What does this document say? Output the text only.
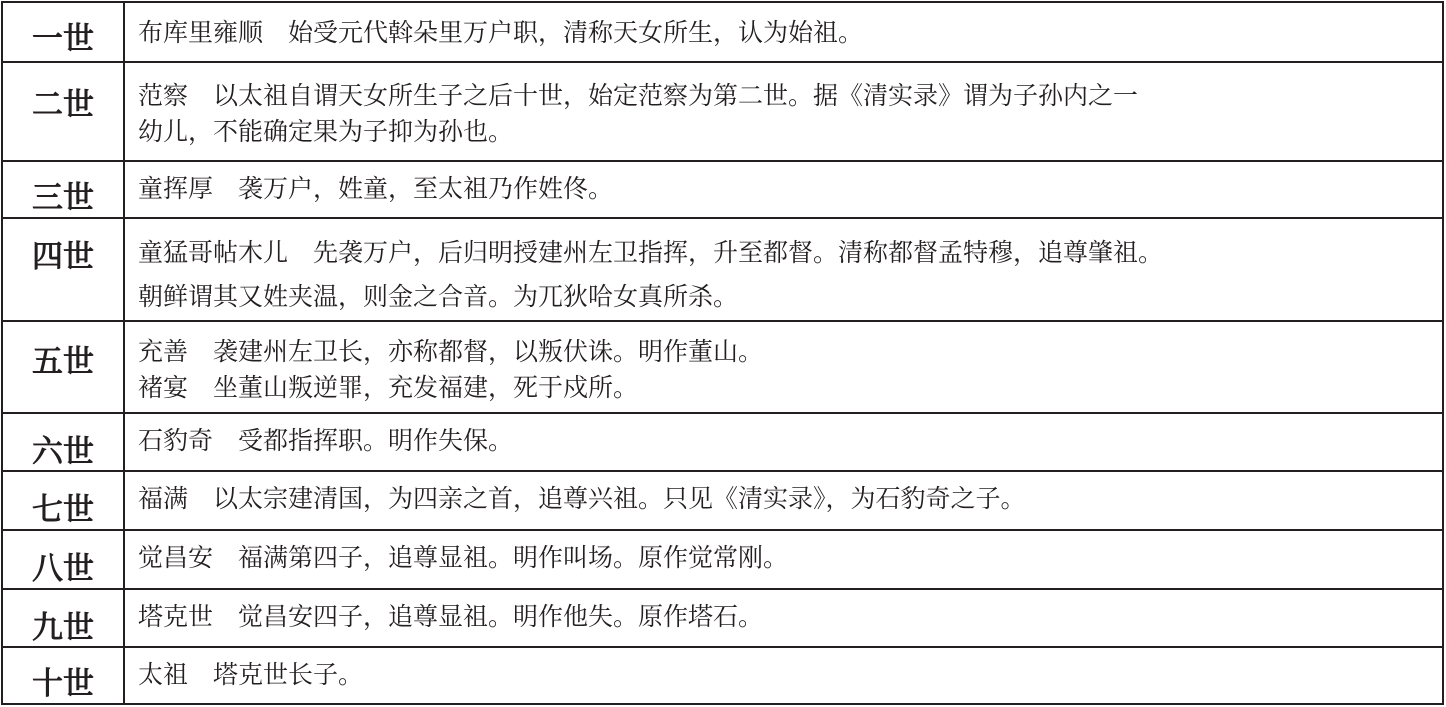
一世	布库里雍顺　始受元代斡朵里万户职，清称天女所生，认为始祖。
二世	范察　以太祖自谓天女所生子之后十世，始定范察为第二世。据《清实录》谓为子孙内之一
幼儿，不能确定果为子抑为孙也。
三世	童挥厚　袭万户，姓童，至太祖乃作姓佟。
四世	童猛哥帖木儿　先袭万户，后归明授建州左卫指挥，升至都督。清称都督孟特穆，追尊肇祖。
朝鲜谓其又姓夹温，则金之合音。为兀狄哈女真所杀。
五世	充善　袭建州左卫长，亦称都督，以叛伏诛。明作董山。
褚宴　坐董山叛逆罪，充发福建，死于戍所。
六世	石豹奇　受都指挥职。明作失保。
七世	福满　以太宗建清国，为四亲之首，追尊兴祖。只见《清实录》，为石豹奇之子。
八世	觉昌安　福满第四子，追尊显祖。明作叫场。原作觉常刚。
九世	塔克世　觉昌安四子，追尊显祖。明作他失。原作塔石。
十世	太祖　塔克世长子。
